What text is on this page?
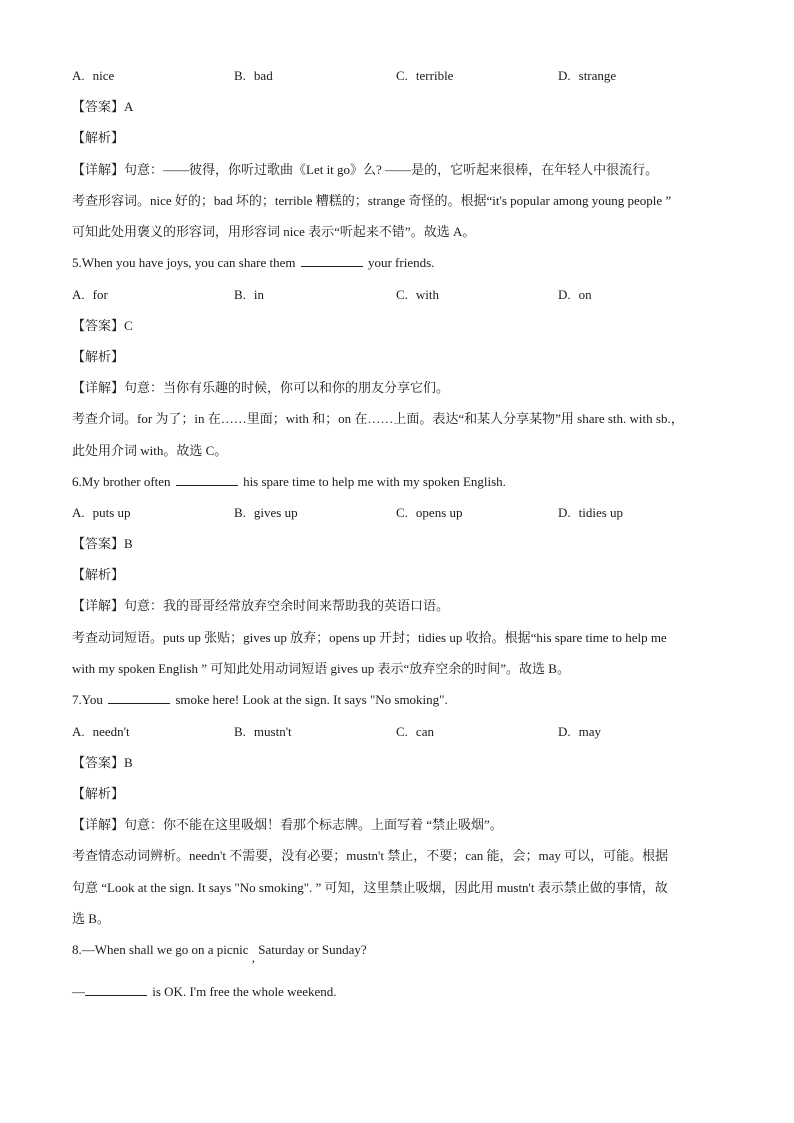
A. nice	B. bad	C. terrible	D. strange
【答案】A
【解析】
【详解】句意：——彼得，你听过歌曲《Let it go》么? ——是的，它听起来很棒，在年轻人中很流行。
考查形容词。nice 好的；bad 坏的；terrible 糟糕的；strange 奇怪的。根据“it's popular among young people ”
可知此处用褒义的形容词，用形容词 nice 表示“听起来不错”。故选 A。
5.When you have joys, you can share them	your friends.
A. for	B. in	C. with	D. on
【答案】C
【解析】
【详解】句意：当你有乐趣的时候，你可以和你的朋友分享它们。
考查介词。for 为了；in 在……里面；with 和；on 在……上面。表达“和某人分享某物”用 share sth. with sb.，
此处用介词 with。故选 C。
6.My brother often	his spare time to help me with my spoken English.
A. puts up	B. gives up	C. opens up	D. tidies up
【答案】B
【解析】
【详解】句意：我的哥哥经常放弃空余时间来帮助我的英语口语。
考查动词短语。puts up 张贴；gives up 放弃；opens up 开封；tidies up 收拾。根据“his spare time to help me
with my spoken English ” 可知此处用动词短语 gives up 表示“放弃空余的时间”。故选 B。
7.You	smoke here! Look at the sign. It says "No smoking".
A. needn't	B. mustn't	C. can	D. may
【答案】B
【解析】
【详解】句意：你不能在这里吸烟！看那个标志牌。上面写着 “禁止吸烟”。
考查情态动词辨析。needn't 不需要，没有必要；mustn't 禁止，不要；can 能，会；may 可以，可能。根据
句意 “Look at the sign. It says "No smoking". ” 可知，这里禁止吸烟，因此用 mustn't 表示禁止做的事情，故
选 B。
8.—When shall we go on a picnic , Saturday or Sunday?
—	is OK. I'm free the whole weekend.
